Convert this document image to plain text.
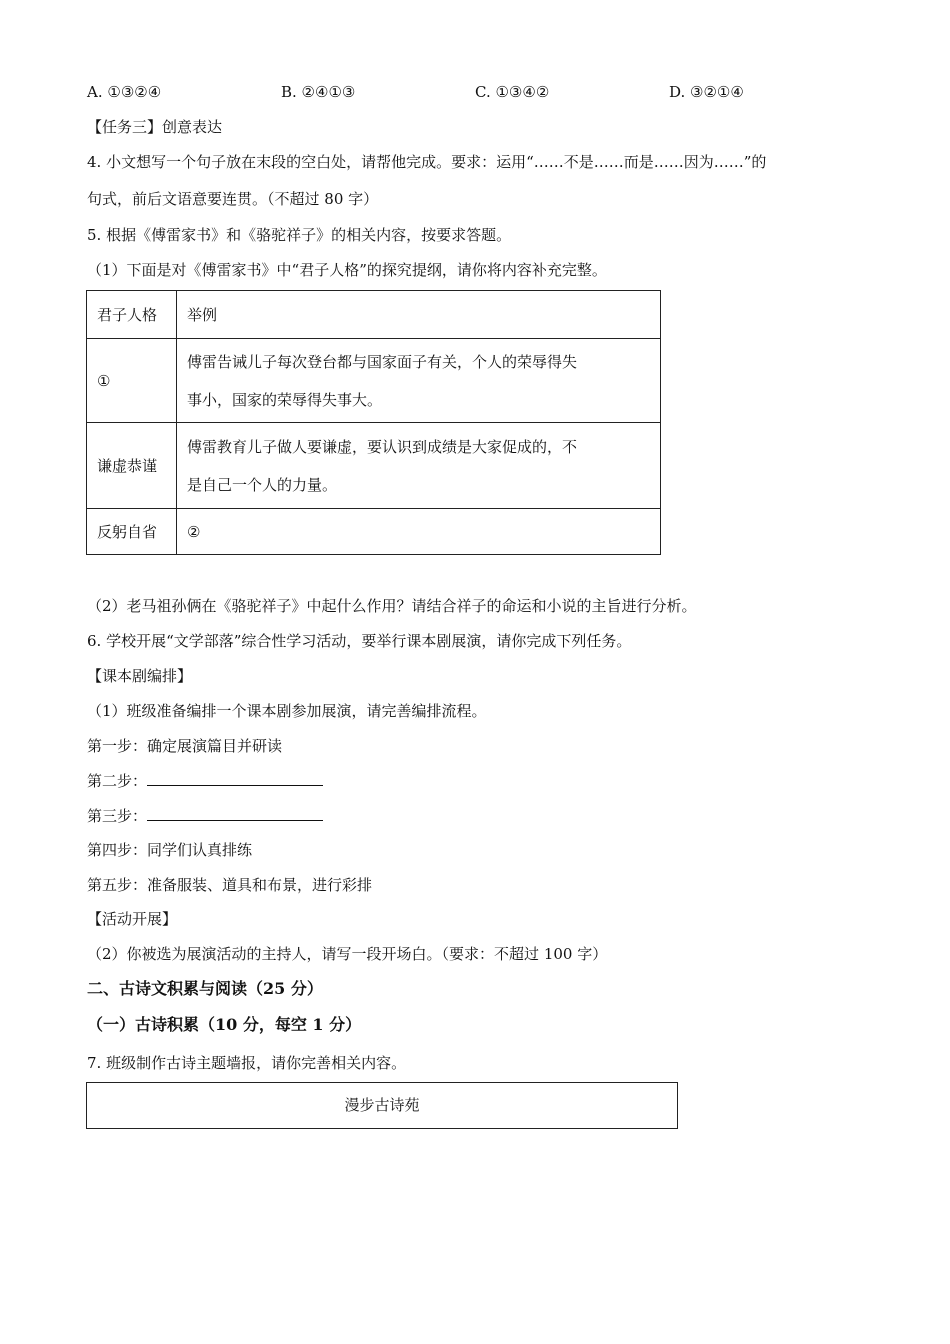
A. ①③②④	B. ②④①③	C. ①③④②	D. ③②①④
【任务三】创意表达
4. 小文想写一个句子放在末段的空白处，请帮他完成。要求：运用“……不是……而是……因为……”的
句式，前后文语意要连贯。（不超过 80 字）
5. 根据《傅雷家书》和《骆驼祥子》的相关内容，按要求答题。
（1）下面是对《傅雷家书》中“君子人格”的探究提纲，请你将内容补充完整。
君子人格	举例
①	傅雷告诫儿子每次登台都与国家面子有关，个人的荣辱得失
事小，国家的荣辱得失事大。

谦虚恭谨	傅雷教育儿子做人要谦虚，要认识到成绩是大家促成的，不
是自己一个人的力量。

反躬自省	②
（2）老马祖孙俩在《骆驼祥子》中起什么作用？请结合祥子的命运和小说的主旨进行分析。
6. 学校开展“文学部落”综合性学习活动，要举行课本剧展演，请你完成下列任务。
【课本剧编排】
（1）班级准备编排一个课本剧参加展演，请完善编排流程。
第一步：确定展演篇目并研读
第二步：
第三步：
第四步：同学们认真排练
第五步：准备服装、道具和布景，进行彩排
【活动开展】
（2）你被选为展演活动的主持人，请写一段开场白。（要求：不超过 100 字）
二、古诗文积累与阅读（25 分）
（一）古诗积累（10 分，每空 1 分）
7. 班级制作古诗主题墙报，请你完善相关内容。
漫步古诗苑
